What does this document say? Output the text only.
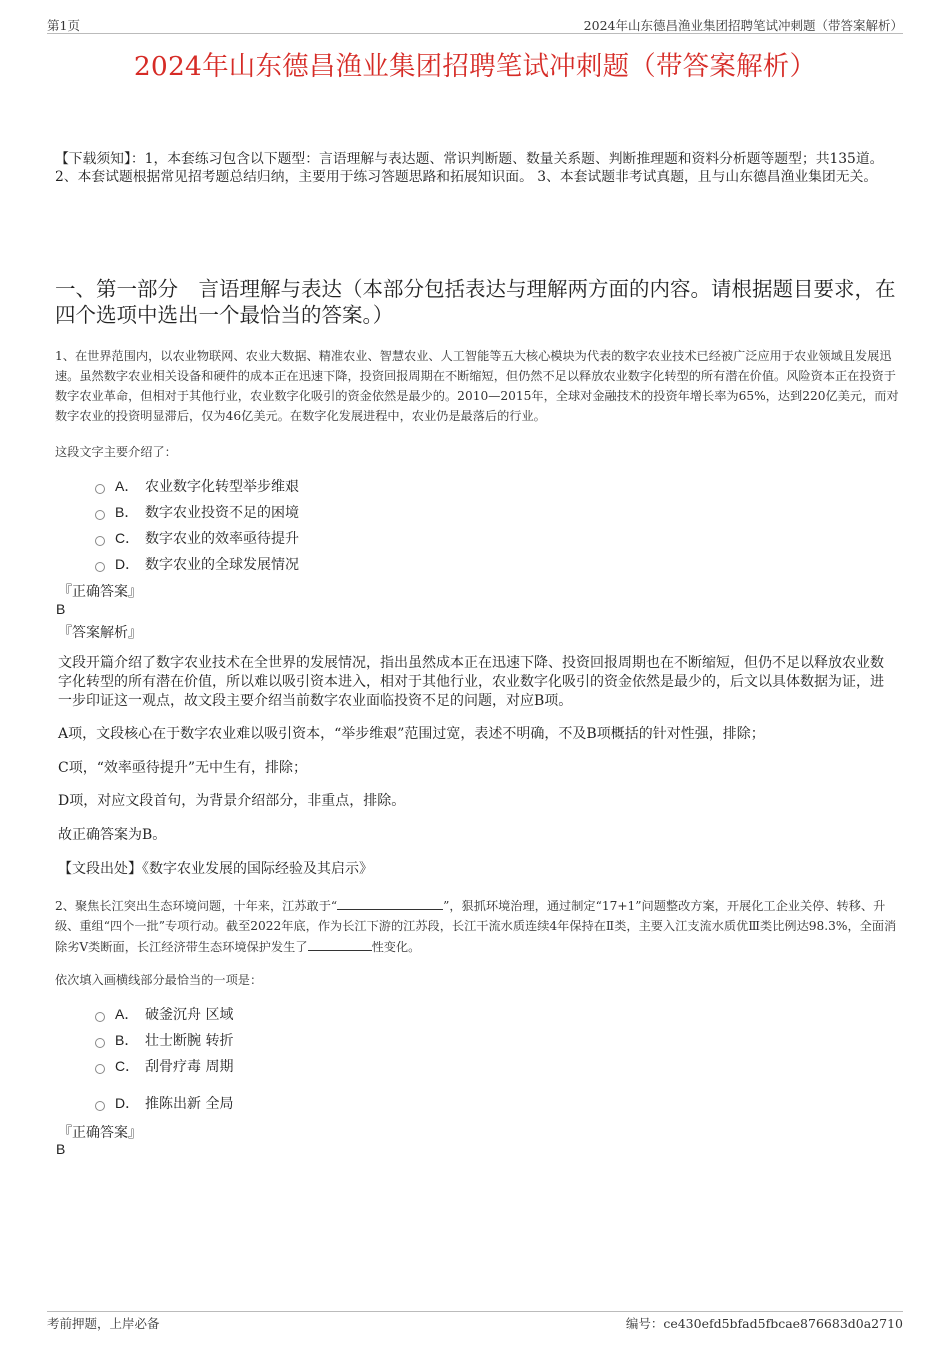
第1页	2024年山东德昌渔业集团招聘笔试冲刺题（带答案解析）
2024年山东德昌渔业集团招聘笔试冲刺题（带答案解析）
【下载须知】：1，本套练习包含以下题型：言语理解与表达题、常识判断题、数量关系题、判断推理题和资料分析题等题型；共135道。 2、本套试题根据常见招考题总结归纳，主要用于练习答题思路和拓展知识面。 3、本套试题非考试真题，且与山东德昌渔业集团无关。
一、第一部分　言语理解与表达（本部分包括表达与理解两方面的内容。请根据题目要求，在四个选项中选出一个最恰当的答案。）
1、在世界范围内，以农业物联网、农业大数据、精准农业、智慧农业、人工智能等五大核心模块为代表的数字农业技术已经被广泛应用于农业领域且发展迅速。虽然数字农业相关设备和硬件的成本正在迅速下降，投资回报周期在不断缩短，但仍然不足以释放农业数字化转型的所有潜在价值。风险资本正在投资于数字农业革命，但相对于其他行业，农业数字化吸引的资金依然是最少的。2010—2015年，全球对金融技术的投资年增长率为65%，达到220亿美元，而对数字农业的投资明显滞后，仅为46亿美元。在数字化发展进程中，农业仍是最落后的行业。
这段文字主要介绍了：
A． 农业数字化转型举步维艰
B． 数字农业投资不足的困境
C． 数字农业的效率亟待提升
D． 数字农业的全球发展情况
『正确答案』
B
『答案解析』
文段开篇介绍了数字农业技术在全世界的发展情况，指出虽然成本正在迅速下降、投资回报周期也在不断缩短，但仍不足以释放农业数字化转型的所有潜在价值，所以难以吸引资本进入，相对于其他行业，农业数字化吸引的资金依然是最少的，后文以具体数据为证，进一步印证这一观点，故文段主要介绍当前数字农业面临投资不足的问题，对应B项。
A项，文段核心在于数字农业难以吸引资本，“举步维艰”范围过宽，表述不明确，不及B项概括的针对性强，排除；
C项，“效率亟待提升”无中生有，排除；
D项，对应文段首句，为背景介绍部分，非重点，排除。
故正确答案为B。
【文段出处】《数字农业发展的国际经验及其启示》
2、聚焦长江突出生态环境问题，十年来，江苏敢于“	”，狠抓环境治理，通过制定“17+1”问题整改方案，开展化工企业关停、转移、升级、重组“四个一批”专项行动。截至2022年底，作为长江下游的江苏段，长江干流水质连续4年保持在Ⅱ类，主要入江支流水质优Ⅲ类比例达98.3%，全面消除劣Ⅴ类断面，长江经济带生态环境保护发生了	性变化。
依次填入画横线部分最恰当的一项是：
A． 破釜沉舟 区域
B． 壮士断腕 转折
C． 刮骨疗毒 周期
D． 推陈出新 全局
『正确答案』
B
考前押题，上岸必备	编号：ce430efd5bfad5fbcae876683d0a2710
